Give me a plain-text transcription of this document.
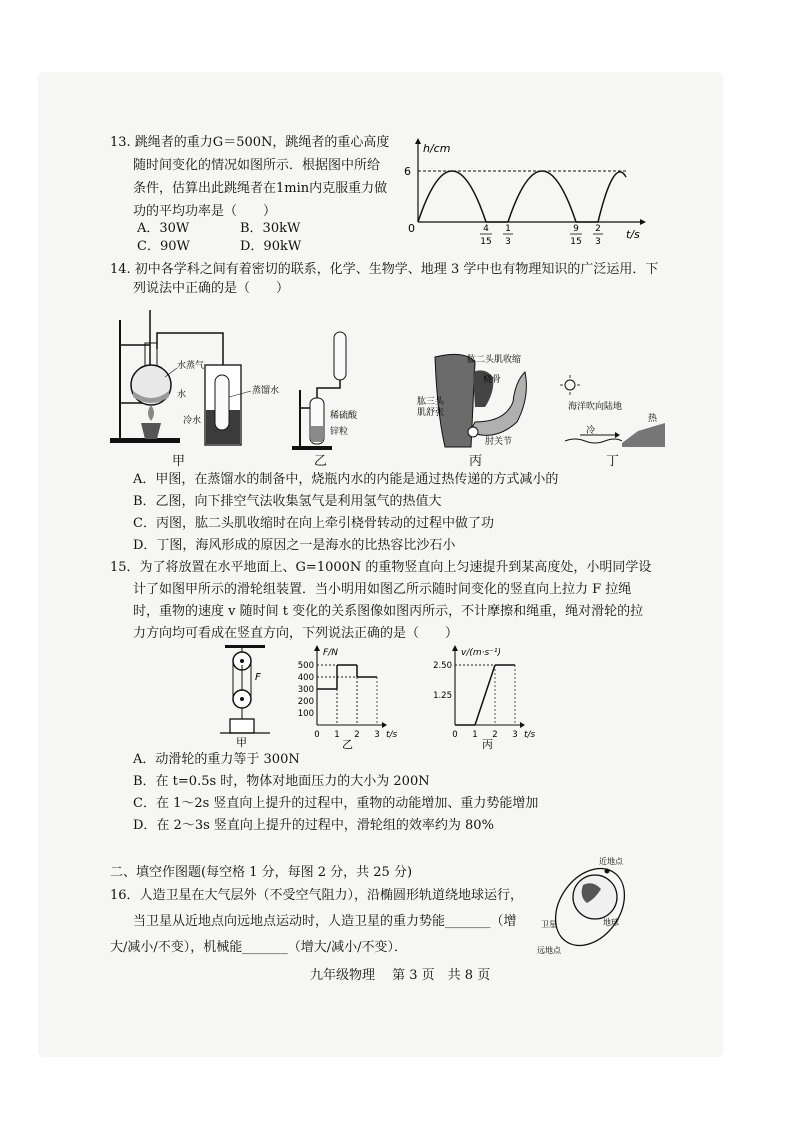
13. 跳绳者的重力G＝500N，跳绳者的重心高度
随时间变化的情况如图所示．根据图中所给
条件，估算出此跳绳者在1min内克服重力做
功的平均功率是（　　）
A．30W	B．30kW
C．90W	D．90kW
h/cm
6
0	4
15
1
3
9
15
2
3
t/s
14. 初中各学科之间有着密切的联系，化学、生物学、地理 3 学中也有物理知识的广泛运用．下
列说法中正确的是（　　）
水蒸气
水	蒸馏水
冷水	稀硫酸
锌粒
肱二头肌收缩
桡骨
肱三头
肌舒张
肘关节
海洋吹向陆地
热
冷
甲	乙	丙	丁
A．甲图，在蒸馏水的制备中，烧瓶内水的内能是通过热传递的方式减小的
B．乙图，向下排空气法收集氢气是利用氢气的热值大
C．丙图，肱二头肌收缩时在向上牵引桡骨转动的过程中做了功
D．丁图，海风形成的原因之一是海水的比热容比沙石小
15．为了将放置在水平地面上、G=1000N 的重物竖直向上匀速提升到某高度处，小明同学设
计了如图甲所示的滑轮组装置．当小明用如图乙所示随时间变化的竖直向上拉力 F 拉绳
时，重物的速度 v 随时间 t 变化的关系图像如图丙所示，不计摩擦和绳重，绳对滑轮的拉
力方向均可看成在竖直方向，下列说法正确的是（　　）
F
甲
F/N
t/s
500
400
300
200
100
0 1 2 3
乙
v/(m·s⁻¹)
t/s
2.50
1.25
0 1 2 3
丙
A．动滑轮的重力等于 300N
B．在 t=0.5s 时，物体对地面压力的大小为 200N
C．在 1～2s 竖直向上提升的过程中，重物的动能增加、重力势能增加
D．在 2～3s 竖直向上提升的过程中，滑轮组的效率约为 80%
二、填空作图题(每空格 1 分，每图 2 分，共 25 分)
16．人造卫星在大气层外（不受空气阻力），沿椭圆形轨道绕地球运行，
当卫星从近地点向远地点运动时，人造卫星的重力势能_______（增
大/减小/不变），机械能_______（增大/减小/不变）．
近地点
卫星	地球
远地点
九年级物理　 第 3 页　共 8 页
